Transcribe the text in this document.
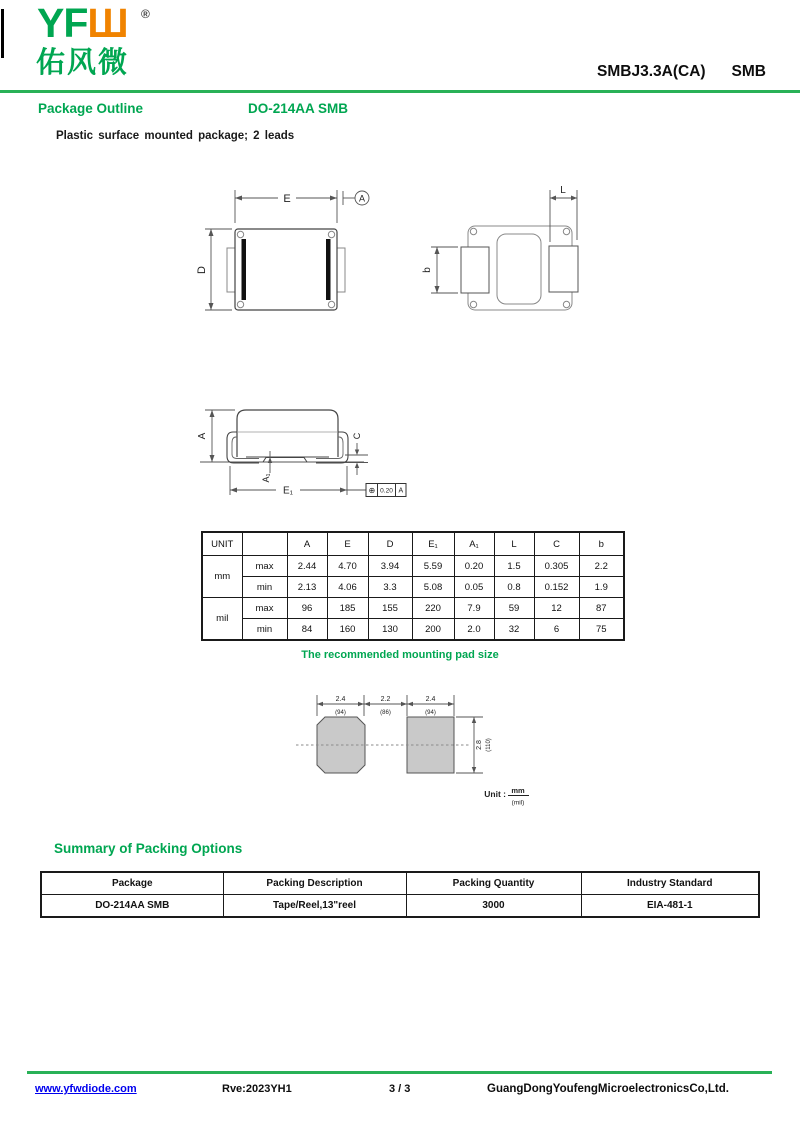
YFШ ®
佑风微	SMBJ3.3A(CA) SMB
Package Outline	DO-214AA SMB
Plastic surface mounted package; 2 leads
E	A
D
L
b
A	C
A₁
E₁	⊕ 0.20 A
UNIT		A	E	D	E₁	A₁	L	C	b
mm	max	2.44	4.70	3.94	5.59	0.20	1.5	0.305	2.2
	min	2.13	4.06	3.3	5.08	0.05	0.8	0.152	1.9
mil	max	96	185	155	220	7.9	59	12	87
	min	84	160	130	200	2.0	32	6	75
The recommended mounting pad size
2.4
(94)
2.2
(86)
2.4
(94)
2.8 (110)
Unit : mm
(mil)
Summary of Packing Options
Package	Packing Description	Packing Quantity	Industry Standard
DO-214AA SMB	Tape/Reel,13"reel	3000	EIA-481-1
www.yfwdiode.com	Rve:2023YH1	3 / 3	GuangDongYoufengMicroelectronicsCo,Ltd.
